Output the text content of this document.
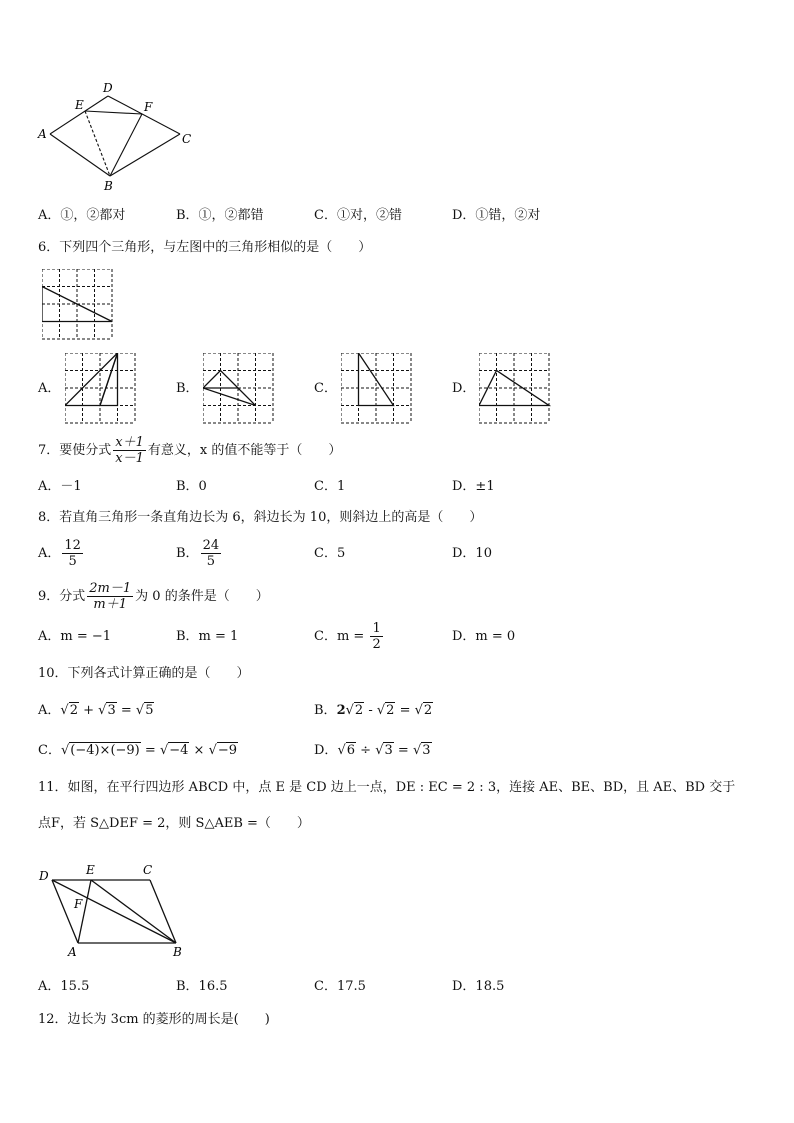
A
D
E	F
C
B
A．①，②都对	B．①，②都错	C．①对，②错	D．①错，②对
6．下列四个三角形，与左图中的三角形相似的是（　　）
A．	B．	C．	D．
7．要使分式 $\frac{x+1}{x-1}$ 有意义，x 的值不能等于（　　）
A．－1	B．0	C．1	D．±1
8．若直角三角形一条直角边长为 6，斜边长为 10，则斜边上的高是（　　）
A． $\frac{12}{5}$	B． $\frac{24}{5}$	C．5	D．10
9．分式 $\frac{2m-1}{m+1}$ 为 0 的条件是（　　）
A．m = −1	B．m = 1	C．$m = \frac{1}{2}$	D．m = 0
10．下列各式计算正确的是（　　）
A．√2 + √3 = √5	B．2√2 - √2 = √2
C．√(−4)×(−9) = √−4 × √−9	D．√6 ÷ √3 = √3
11．如图，在平行四边形 ABCD 中，点 E 是 CD 边上一点，DE : EC = 2 : 3，连接 AE、BE、BD，且 AE、BD 交于
点F，若 S△DEF = 2，则 S△AEB =（　　）
D	E	C
F
A	B
A．15.5	B．16.5	C．17.5	D．18.5
12．边长为 3cm 的菱形的周长是(　　)
